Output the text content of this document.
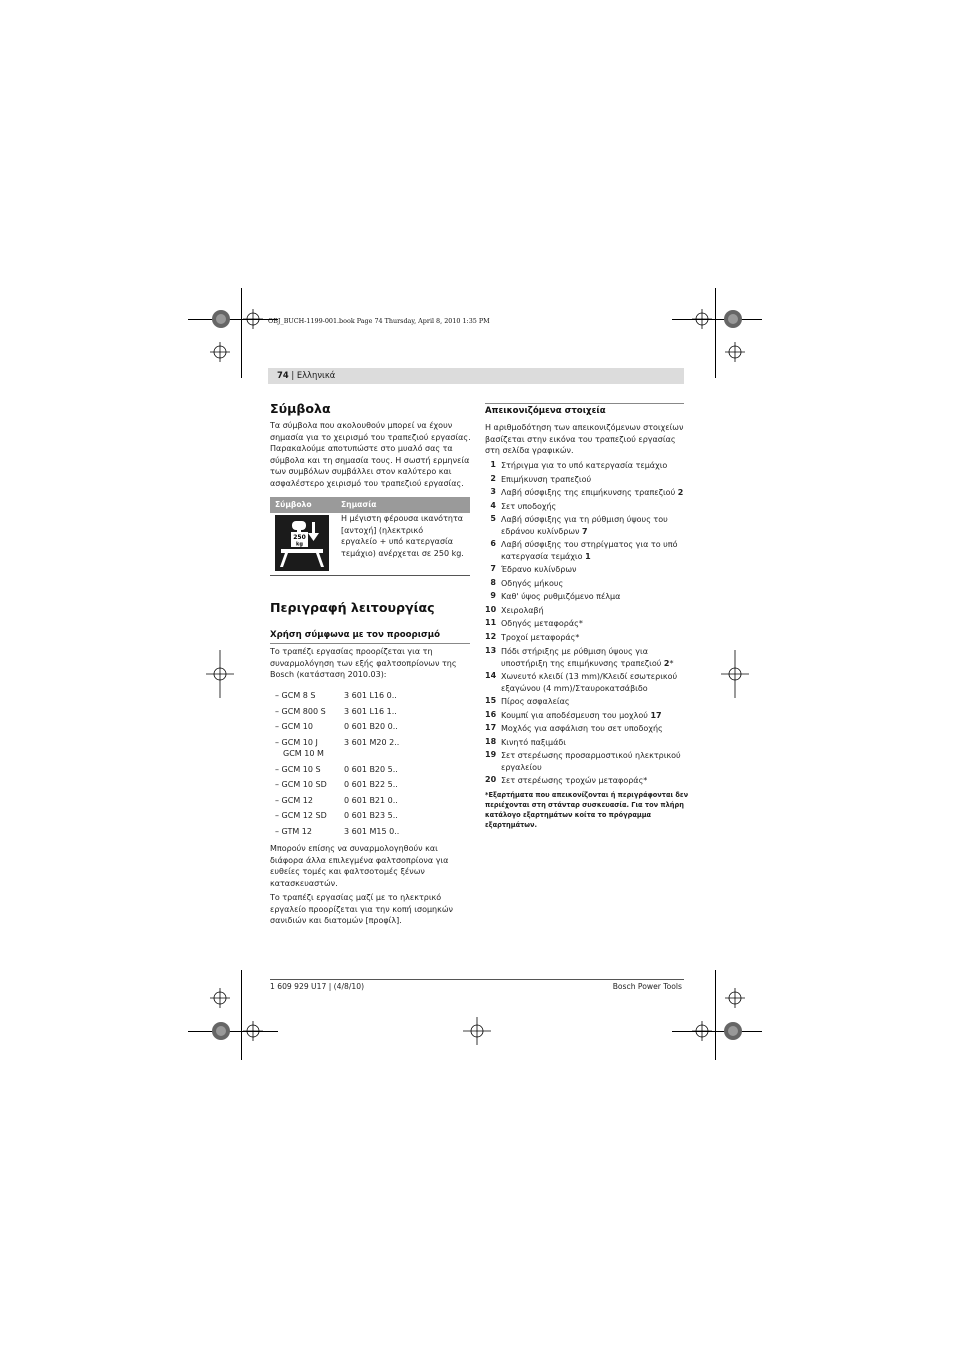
OBJ_BUCH-1199-001.book Page 74 Thursday, April 8, 2010 1:35 PM
74 | Ελληνικά
Σύμβολα
Τα σύμβολα που ακολουθούν μπορεί να έχουν
σημασία για το χειρισμό του τραπεζιού εργασίας.
Παρακαλούμε αποτυπώστε στο μυαλό σας τα
σύμβολα και τη σημασία τους. Η σωστή ερμηνεία
των συμβόλων συμβάλλει στον καλύτερο και
ασφαλέστερο χειρισμό του τραπεζιού εργασίας.
Σύμβολο	Σημασία
250
kg
Η μέγιστη φέρουσα ικανότητα
[αντοχή] (ηλεκτρικό
εργαλείο + υπό κατεργασία
τεμάχιο) ανέρχεται σε 250 kg.
Περιγραφή λειτουργίας
Χρήση σύμφωνα με τον προορισμό
Το τραπέζι εργασίας προορίζεται για τη
συναρμολόγηση των εξής φαλτσοπρίονων της
Bosch (κατάσταση 2010.03):
– GCM 8 S	3 601 L16 0..
– GCM 800 S 3 601 L16 1..
– GCM 10	0 601 B20 0..
– GCM 10 J
GCM 10 M
3 601 M20 2..
– GCM 10 S	0 601 B20 5..
– GCM 10 SD 0 601 B22 5..
– GCM 12	0 601 B21 0..
– GCM 12 SD 0 601 B23 5..
– GTM 12	3 601 M15 0..
Μπορούν επίσης να συναρμολογηθούν και
διάφορα άλλα επιλεγμένα φαλτσοπρίονα για
ευθείες τομές και φαλτσοτομές ξένων
κατασκευαστών.
Το τραπέζι εργασίας μαζί με το ηλεκτρικό
εργαλείο προορίζεται για την κοπή ισομηκών
σανιδιών και διατομών [προφίλ].
Απεικονιζόμενα στοιχεία
Η αριθμοδότηση των απεικονιζόμενων στοιχείων
βασίζεται στην εικόνα του τραπεζιού εργασίας
στη σελίδα γραφικών.
1 Στήριγμα για το υπό κατεργασία τεμάχιο
2 Επιμήκυνση τραπεζιού
3 Λαβή σύσφιξης της επιμήκυνσης τραπεζιού 2
4 Σετ υποδοχής
5 Λαβή σύσφιξης για τη ρύθμιση ύψους του
εδράνου κυλίνδρων 7
6 Λαβή σύσφιξης του στηρίγματος για το υπό
κατεργασία τεμάχιο 1
7 Έδρανο κυλίνδρων
8 Οδηγός μήκους
9 Καθ' ύψος ρυθμιζόμενο πέλμα
10 Χειρολαβή
11 Οδηγός μεταφοράς*
12 Τροχοί μεταφοράς*
13 Πόδι στήριξης με ρύθμιση ύψους για
υποστήριξη της επιμήκυνσης τραπεζιού 2*
14 Χωνευτό κλειδί (13 mm)/Κλειδί εσωτερικού
εξαγώνου (4 mm)/Σταυροκατσάβιδο
15 Πίρος ασφαλείας
16 Κουμπί για αποδέσμευση του μοχλού 17
17 Μοχλός για ασφάλιση του σετ υποδοχής
18 Κινητό παξιμάδι
19 Σετ στερέωσης προσαρμοστικού ηλεκτρικού
εργαλείου
20 Σετ στερέωσης τροχών μεταφοράς*
*Εξαρτήματα που απεικονίζονται ή περιγράφονται δεν
περιέχονται στη στάνταρ συσκευασία. Για τον πλήρη
κατάλογο εξαρτημάτων κοίτα το πρόγραμμα
εξαρτημάτων.
1 609 929 U17 | (4/8/10)	Bosch Power Tools
